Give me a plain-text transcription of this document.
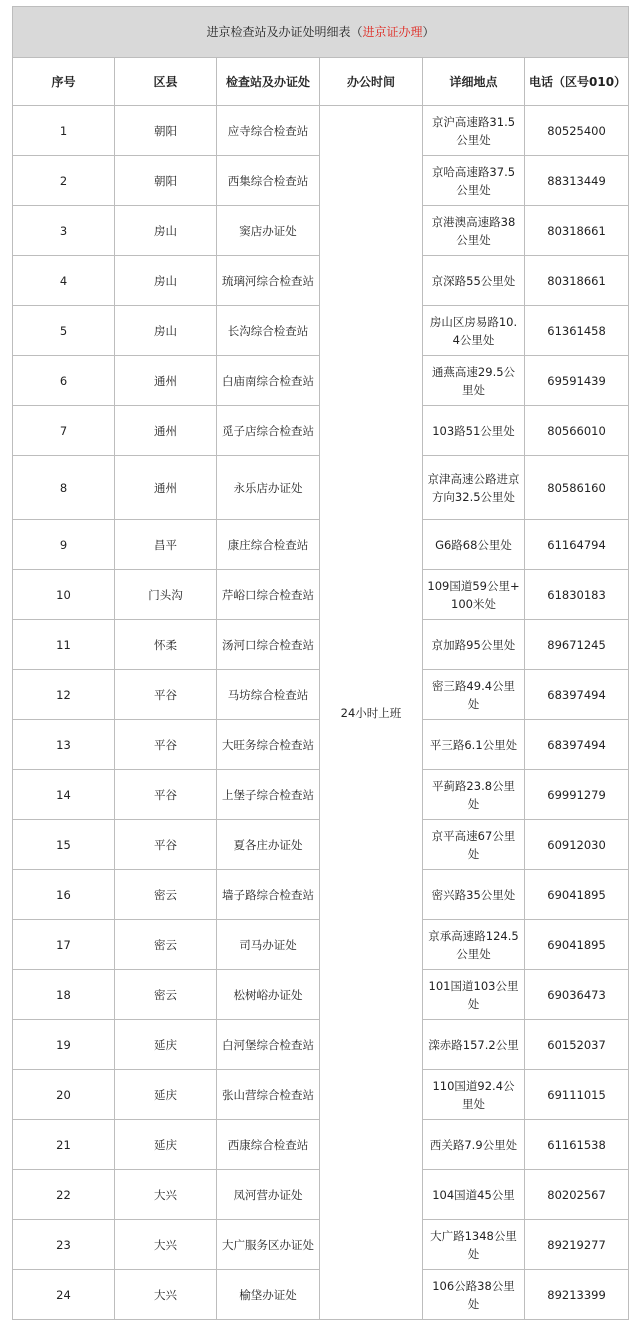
进京检查站及办证处明细表（进京证办理）					
序号	区县	检查站及办证处	办公时间	详细地点	电话（区号010）
1	朝阳	应寺综合检查站	24小时上班	京沪高速路31.5公里处	80525400
2	朝阳	西集综合检查站		京哈高速路37.5公里处	88313449
3	房山	窦店办证处		京港澳高速路38公里处	80318661
4	房山	琉璃河综合检查站		京深路55公里处	80318661
5	房山	长沟综合检查站		房山区房易路10.4公里处	61361458
6	通州	白庙南综合检查站		通燕高速29.5公里处	69591439
7	通州	觅子店综合检查站		103路51公里处	80566010
8	通州	永乐店办证处		京津高速公路进京方向32.5公里处	80586160
9	昌平	康庄综合检查站		G6路68公里处	61164794
10	门头沟	芹峪口综合检查站		109国道59公里+100米处	61830183
11	怀柔	汤河口综合检查站		京加路95公里处	89671245
12	平谷	马坊综合检查站		密三路49.4公里处	68397494
13	平谷	大旺务综合检查站		平三路6.1公里处	68397494
14	平谷	上堡子综合检查站		平蓟路23.8公里处	69991279
15	平谷	夏各庄办证处		京平高速67公里处	60912030
16	密云	墙子路综合检查站		密兴路35公里处	69041895
17	密云	司马办证处		京承高速路124.5公里处	69041895
18	密云	松树峪办证处		101国道103公里处	69036473
19	延庆	白河堡综合检查站		滦赤路157.2公里	60152037
20	延庆	张山营综合检查站		110国道92.4公里处	69111015
21	延庆	西康综合检查站		西关路7.9公里处	61161538
22	大兴	凤河营办证处		104国道45公里	80202567
23	大兴	大广服务区办证处		大广路1348公里处	89219277
24	大兴	榆垡办证处		106公路38公里处	89213399
